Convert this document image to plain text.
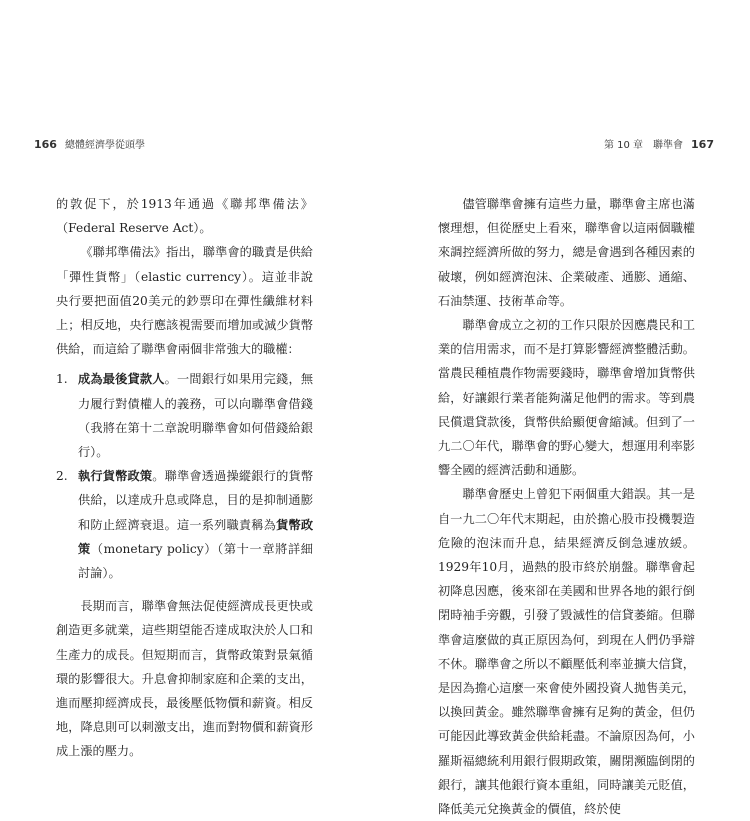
166 總體經濟學從頭學	第 10 章　聯準會 167

的敦促下，於1913年通過《聯邦準備法》（Federal Reserve Act）。

《聯邦準備法》指出，聯準會的職責是供給「彈性貨幣」（elastic currency）。這並非說央行要把面值20美元的鈔票印在彈性纖維材料上；相反地，央行應該視需要而增加或減少貨幣供給，而這給了聯準會兩個非常強大的職權：

1. 成為最後貸款人。一間銀行如果用完錢，無力履行對債權人的義務，可以向聯準會借錢（我將在第十二章說明聯準會如何借錢給銀行）。
2. 執行貨幣政策。聯準會透過操縱銀行的貨幣供給，以達成升息或降息，目的是抑制通膨和防止經濟衰退。這一系列職責稱為貨幣政策（monetary policy）（第十一章將詳細討論）。

長期而言，聯準會無法促使經濟成長更快或創造更多就業，這些期望能否達成取決於人口和生產力的成長。但短期而言，貨幣政策對景氣循環的影響很大。升息會抑制家庭和企業的支出，進而壓抑經濟成長，最後壓低物價和薪資。相反地，降息則可以刺激支出，進而對物價和薪資形成上漲的壓力。

儘管聯準會擁有這些力量，聯準會主席也滿懷理想，但從歷史上看來，聯準會以這兩個職權來調控經濟所做的努力，總是會遇到各種因素的破壞，例如經濟泡沫、企業破產、通膨、通縮、石油禁運、技術革命等。

聯準會成立之初的工作只限於因應農民和工業的信用需求，而不是打算影響經濟整體活動。當農民種植農作物需要錢時，聯準會增加貨幣供給，好讓銀行業者能夠滿足他們的需求。等到農民償還貸款後，貨幣供給顯便會縮減。但到了一九二〇年代，聯準會的野心變大，想運用利率影響全國的經濟活動和通膨。

聯準會歷史上曾犯下兩個重大錯誤。其一是自一九二〇年代末期起，由於擔心股市投機製造危險的泡沫而升息，結果經濟反倒急遽放緩。1929年10月，過熱的股市終於崩盤。聯準會起初降息因應，後來卻在美國和世界各地的銀行倒閉時袖手旁觀，引發了毀滅性的信貸萎縮。但聯準會這麼做的真正原因為何，到現在人們仍爭辯不休。聯準會之所以不顧壓低利率並擴大信貸，是因為擔心這麼一來會使外國投資人拋售美元，以換回黃金。雖然聯準會擁有足夠的黃金，但仍可能因此導致黃金供給耗盡。不論原因為何，小羅斯福總統利用銀行假期政策，關閉瀕臨倒閉的銀行，讓其他銀行資本重組，同時讓美元貶值，降低美元兌換黃金的價值，終於使
